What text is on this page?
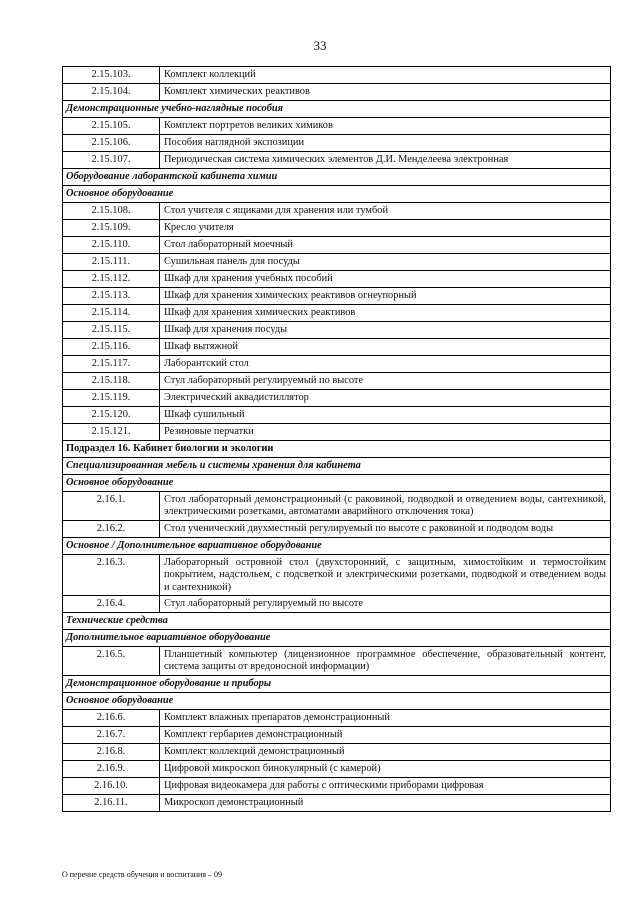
33
2.15.103.	Комплект коллекций
2.15.104.	Комплект химических реактивов
Демонстрационные учебно-наглядные пособия	
2.15.105.	Комплект портретов великих химиков
2.15.106.	Пособия наглядной экспозиции
2.15.107.	Периодическая система химических элементов Д.И. Менделеева электронная
Оборудование лаборантской кабинета химии	
Основное оборудование	
2.15.108.	Стол учителя с ящиками для хранения или тумбой
2.15.109.	Кресло учителя
2.15.110.	Стол лабораторный моечный
2.15.111.	Сушильная панель для посуды
2.15.112.	Шкаф для хранения учебных пособий
2.15.113.	Шкаф для хранения химических реактивов огнеупорный
2.15.114.	Шкаф для хранения химических реактивов
2.15.115.	Шкаф для хранения посуды
2.15.116.	Шкаф вытяжной
2.15.117.	Лаборантский стол
2.15.118.	Стул лабораторный регулируемый по высоте
2.15.119.	Электрический аквадистиллятор
2.15.120.	Шкаф сушильный
2.15.121.	Резиновые перчатки
Подраздел 16. Кабинет биологии и экологии	
Специализированная мебель и системы хранения для кабинета	
Основное оборудование	
2.16.1.	Стол лабораторный демонстрационный (с раковиной, подводкой и отведением воды, сантехникой, электрическими розетками, автоматами аварийного отключения тока)
2.16.2.	Стол ученический двухместный регулируемый по высоте с раковиной и подводом воды
Основное / Дополнительное вариативное оборудование	
2.16.3.	Лабораторный островной стол (двухсторонний, с защитным, химостойким и термостойким покрытием, надстольем, с подсветкой и электрическими розетками, подводкой и отведением воды и сантехникой)
2.16.4.	Стул лабораторный регулируемый по высоте
Технические средства	
Дополнительное вариативное оборудование	
2.16.5.	Планшетный компьютер (лицензионное программное обеспечение, образовательный контент, система защиты от вредоносной информации)
Демонстрационное оборудование и приборы	
Основное оборудование	
2.16.6.	Комплект влажных препаратов демонстрационный
2.16.7.	Комплект гербариев демонстрационный
2.16.8.	Комплект коллекций демонстрационный
2.16.9.	Цифровой микроскоп бинокулярный (с камерой)
2.16.10.	Цифровая видеокамера для работы с оптическими приборами цифровая
2.16.11.	Микроскоп демонстрационный
О перечне средств обучения и воспитания – 09
